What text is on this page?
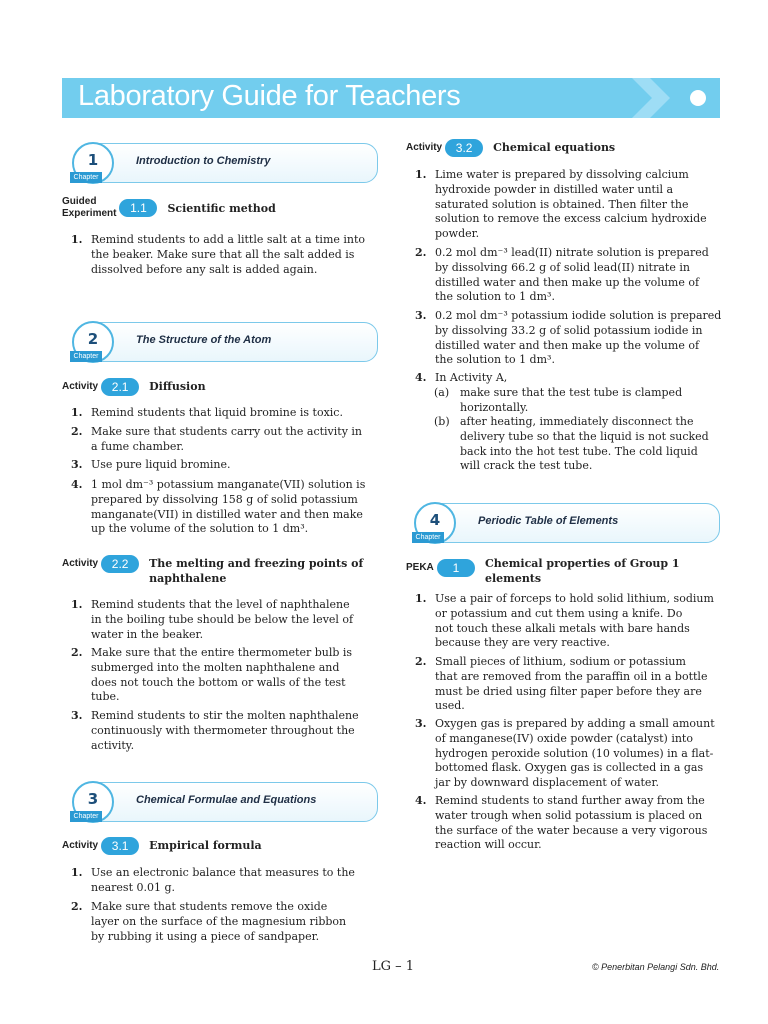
Laboratory Guide for Teachers
1
Chapter
Introduction to Chemistry
Guided
Experiment	1.1	Scientific method
1. Remind students to add a little salt at a time into
the beaker. Make sure that all the salt added is
dissolved before any salt is added again.
2
Chapter
The Structure of the Atom
Activity	2.1	Diffusion
1. Remind students that liquid bromine is toxic.
2. Make sure that students carry out the activity in
a fume chamber.
3. Use pure liquid bromine.
4. 1 mol dm⁻³ potassium manganate(VII) solution is
prepared by dissolving 158 g of solid potassium
manganate(VII) in distilled water and then make
up the volume of the solution to 1 dm³.
Activity	2.2	The melting and freezing points of
naphthalene
1. Remind students that the level of naphthalene
in the boiling tube should be below the level of
water in the beaker.
2. Make sure that the entire thermometer bulb is
submerged into the molten naphthalene and
does not touch the bottom or walls of the test
tube.
3. Remind students to stir the molten naphthalene
continuously with thermometer throughout the
activity.
3
Chapter
Chemical Formulae and Equations
Activity	3.1	Empirical formula
1. Use an electronic balance that measures to the
nearest 0.01 g.
2. Make sure that students remove the oxide
layer on the surface of the magnesium ribbon
by rubbing it using a piece of sandpaper.
Activity	3.2	Chemical equations
1. Lime water is prepared by dissolving calcium
hydroxide powder in distilled water until a
saturated solution is obtained. Then filter the
solution to remove the excess calcium hydroxide
powder.
2. 0.2 mol dm⁻³ lead(II) nitrate solution is prepared
by dissolving 66.2 g of solid lead(II) nitrate in
distilled water and then make up the volume of
the solution to 1 dm³.
3. 0.2 mol dm⁻³ potassium iodide solution is prepared
by dissolving 33.2 g of solid potassium iodide in
distilled water and then make up the volume of
the solution to 1 dm³.
4. In Activity A,
(a) make sure that the test tube is clamped
horizontally.
(b) after heating, immediately disconnect the
delivery tube so that the liquid is not sucked
back into the hot test tube. The cold liquid
will crack the test tube.
4
Chapter
Periodic Table of Elements
PEKA	1	Chemical properties of Group 1
elements
1. Use a pair of forceps to hold solid lithium, sodium
or potassium and cut them using a knife. Do
not touch these alkali metals with bare hands
because they are very reactive.
2. Small pieces of lithium, sodium or potassium
that are removed from the paraffin oil in a bottle
must be dried using filter paper before they are
used.
3. Oxygen gas is prepared by adding a small amount
of manganese(IV) oxide powder (catalyst) into
hydrogen peroxide solution (10 volumes) in a flat-
bottomed flask. Oxygen gas is collected in a gas
jar by downward displacement of water.
4. Remind students to stand further away from the
water trough when solid potassium is placed on
the surface of the water because a very vigorous
reaction will occur.
LG – 1	© Penerbitan Pelangi Sdn. Bhd.
